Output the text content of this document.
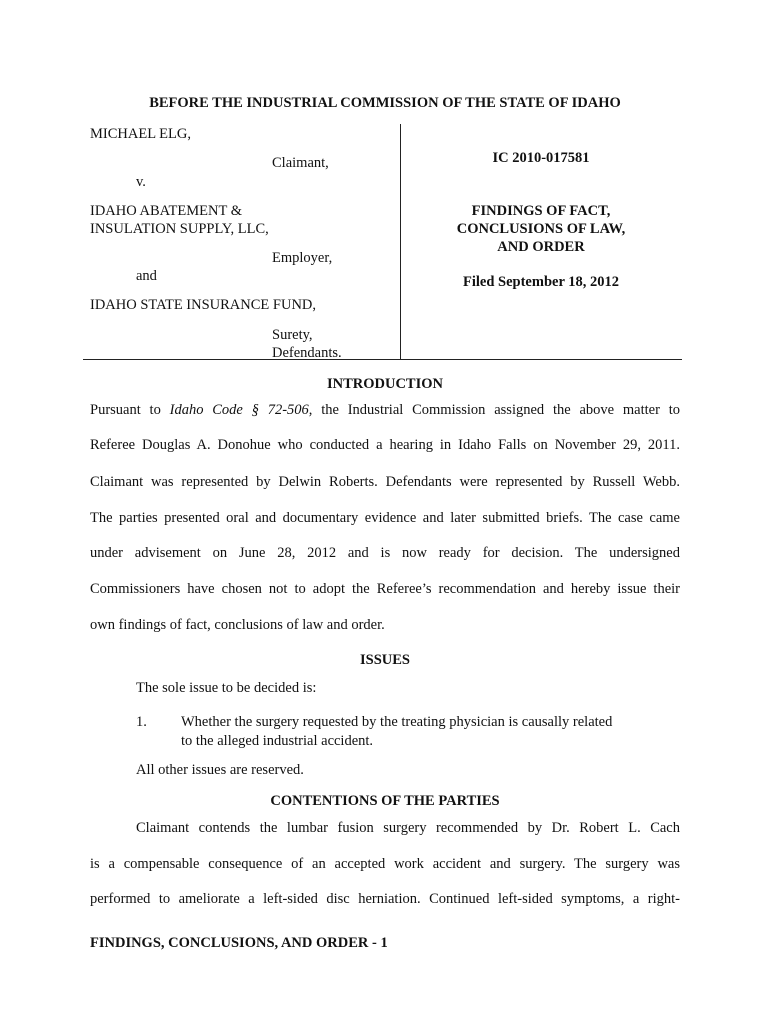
BEFORE THE INDUSTRIAL COMMISSION OF THE STATE OF IDAHO
MICHAEL ELG,
Claimant,
v.
IDAHO ABATEMENT &
INSULATION SUPPLY, LLC,
Employer,
and
IDAHO STATE INSURANCE FUND,
Surety,
Defendants.
IC 2010-017581
FINDINGS OF FACT,
CONCLUSIONS OF LAW,
AND ORDER
Filed September 18, 2012
INTRODUCTION
Pursuant to Idaho Code § 72-506, the Industrial Commission assigned the above matter to
Referee Douglas A. Donohue who conducted a hearing in Idaho Falls on November 29, 2011.
Claimant was represented by Delwin Roberts. Defendants were represented by Russell Webb.
The parties presented oral and documentary evidence and later submitted briefs. The case came
under advisement on June 28, 2012 and is now ready for decision. The undersigned
Commissioners have chosen not to adopt the Referee’s recommendation and hereby issue their
own findings of fact, conclusions of law and order.
ISSUES
The sole issue to be decided is:
1. Whether the surgery requested by the treating physician is causally related
to the alleged industrial accident.
All other issues are reserved.
CONTENTIONS OF THE PARTIES
Claimant contends the lumbar fusion surgery recommended by Dr. Robert L. Cach
is a compensable consequence of an accepted work accident and surgery. The surgery was
performed to ameliorate a left-sided disc herniation. Continued left-sided symptoms, a right-
FINDINGS, CONCLUSIONS, AND ORDER - 1
